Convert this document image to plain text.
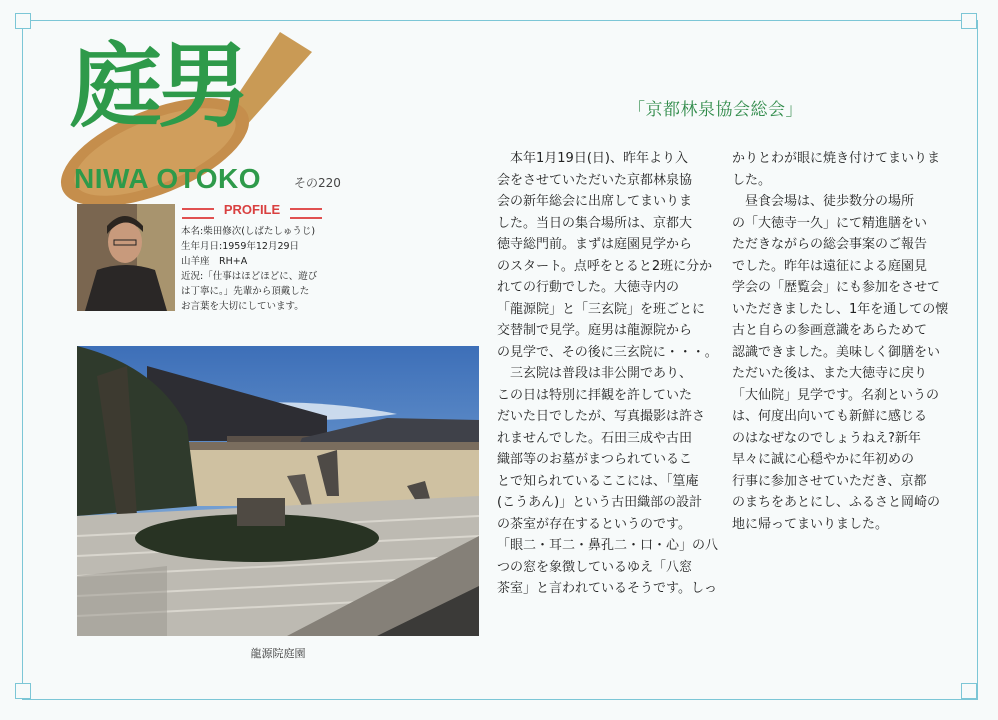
庭男
NIWA OTOKO	その220
PROFILE
本名:柴田修次(しばたしゅうじ)
生年月日:1959年12月29日
山羊座　RH+A
近況:「仕事はほどほどに、遊び
は丁寧に。」先輩から頂戴した
お言葉を大切にしています。
龍源院庭園
「京都林泉協会総会」
　本年1月19日(日)、昨年より入
会をさせていただいた京都林泉協
会の新年総会に出席してまいりま
した。当日の集合場所は、京都大
徳寺総門前。まずは庭園見学から
のスタート。点呼をとると2班に分か
れての行動でした。大徳寺内の
「龍源院」と「三玄院」を班ごとに
交替制で見学。庭男は龍源院から
の見学で、その後に三玄院に・・・。
　三玄院は普段は非公開であり、
この日は特別に拝観を許していた
だいた日でしたが、写真撮影は許さ
れませんでした。石田三成や古田
織部等のお墓がまつられているこ
とで知られているここには、「篁庵
(こうあん)」という古田織部の設計
の茶室が存在するというのです。
「眼二・耳二・鼻孔二・口・心」の八
つの窓を象徴しているゆえ「八窓
茶室」と言われているそうです。しっ
かりとわが眼に焼き付けてまいりま
した。
　昼食会場は、徒歩数分の場所
の「大徳寺一久」にて精進膳をい
ただきながらの総会事案のご報告
でした。昨年は遠征による庭園見
学会の「歴覧会」にも参加をさせて
いただきましたし、1年を通しての懐
古と自らの参画意識をあらためて
認識できました。美味しく御膳をい
ただいた後は、また大徳寺に戻り
「大仙院」見学です。名刹というの
は、何度出向いても新鮮に感じる
のはなぜなのでしょうねえ?新年
早々に誠に心穏やかに年初めの
行事に参加させていただき、京都
のまちをあとにし、ふるさと岡崎の
地に帰ってまいりました。
